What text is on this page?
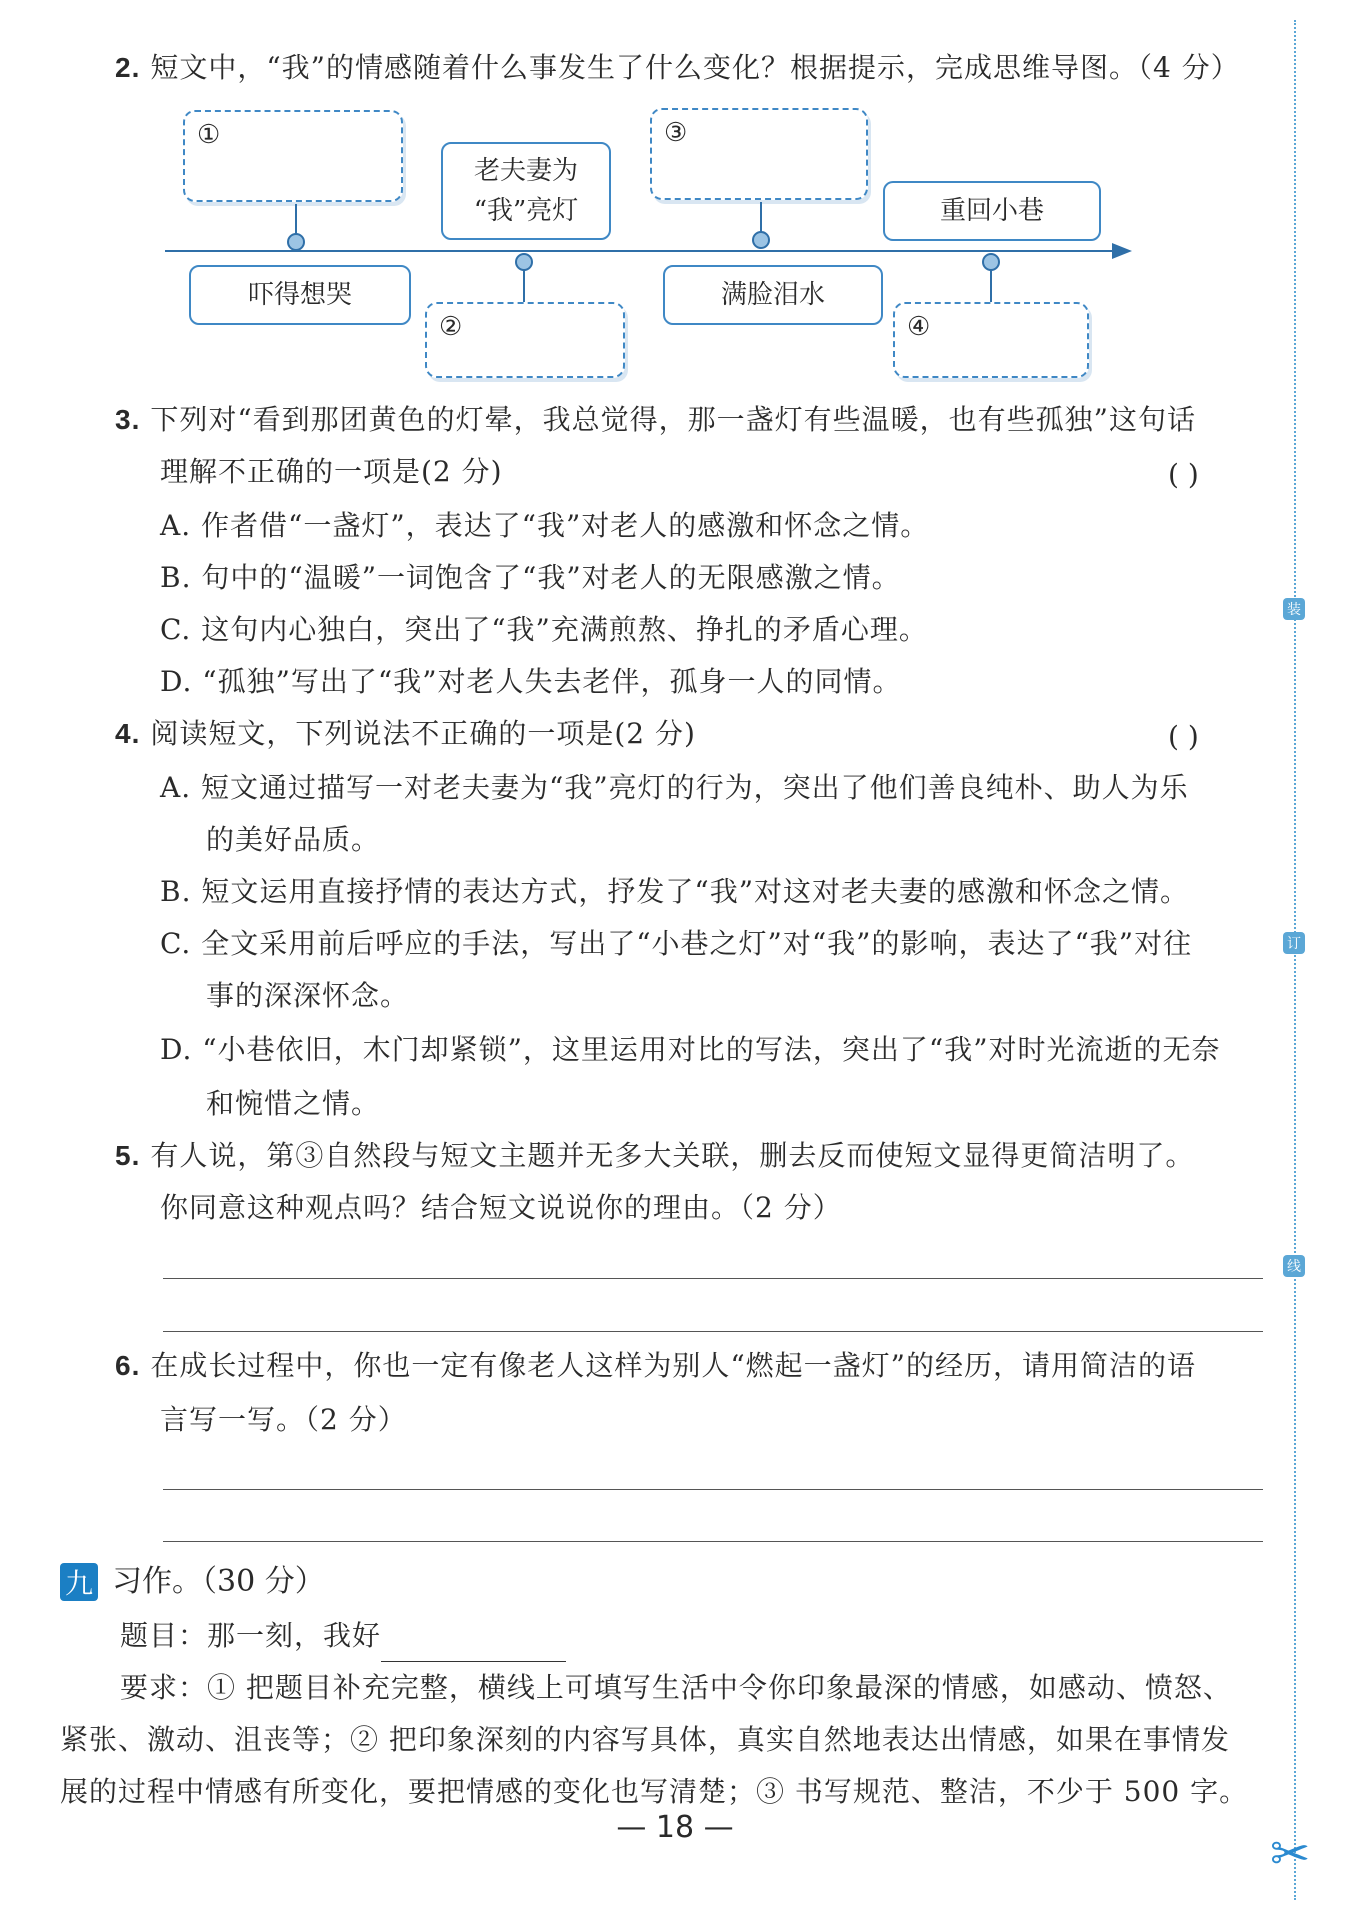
装
订
线
2. 短文中，“我”的情感随着什么事发生了什么变化？根据提示，完成思维导图。（4 分）
①
老夫妻为
“我”亮灯
③
重回小巷
吓得想哭
②
满脸泪水
④
3. 下列对“看到那团黄色的灯晕，我总觉得，那一盏灯有些温暖，也有些孤独”这句话
理解不正确的一项是(2 分)	( )
A. 作者借“一盏灯”，表达了“我”对老人的感激和怀念之情。
B. 句中的“温暖”一词饱含了“我”对老人的无限感激之情。
C. 这句内心独白，突出了“我”充满煎熬、挣扎的矛盾心理。
D. “孤独”写出了“我”对老人失去老伴，孤身一人的同情。
4. 阅读短文，下列说法不正确的一项是(2 分)	( )
A. 短文通过描写一对老夫妻为“我”亮灯的行为，突出了他们善良纯朴、助人为乐
的美好品质。
B. 短文运用直接抒情的表达方式，抒发了“我”对这对老夫妻的感激和怀念之情。
C. 全文采用前后呼应的手法，写出了“小巷之灯”对“我”的影响，表达了“我”对往
事的深深怀念。
D. “小巷依旧，木门却紧锁”，这里运用对比的写法，突出了“我”对时光流逝的无奈
和惋惜之情。
5. 有人说，第③自然段与短文主题并无多大关联，删去反而使短文显得更简洁明了。
你同意这种观点吗？结合短文说说你的理由。（2 分）
6. 在成长过程中，你也一定有像老人这样为别人“燃起一盏灯”的经历，请用简洁的语
言写一写。（2 分）
九 习作。（30 分）
题目：那一刻，我好
要求：① 把题目补充完整，横线上可填写生活中令你印象最深的情感，如感动、愤怒、
紧张、激动、沮丧等；② 把印象深刻的内容写具体，真实自然地表达出情感，如果在事情发
展的过程中情感有所变化，要把情感的变化也写清楚；③ 书写规范、整洁，不少于 500 字。
— 18 —	✂
